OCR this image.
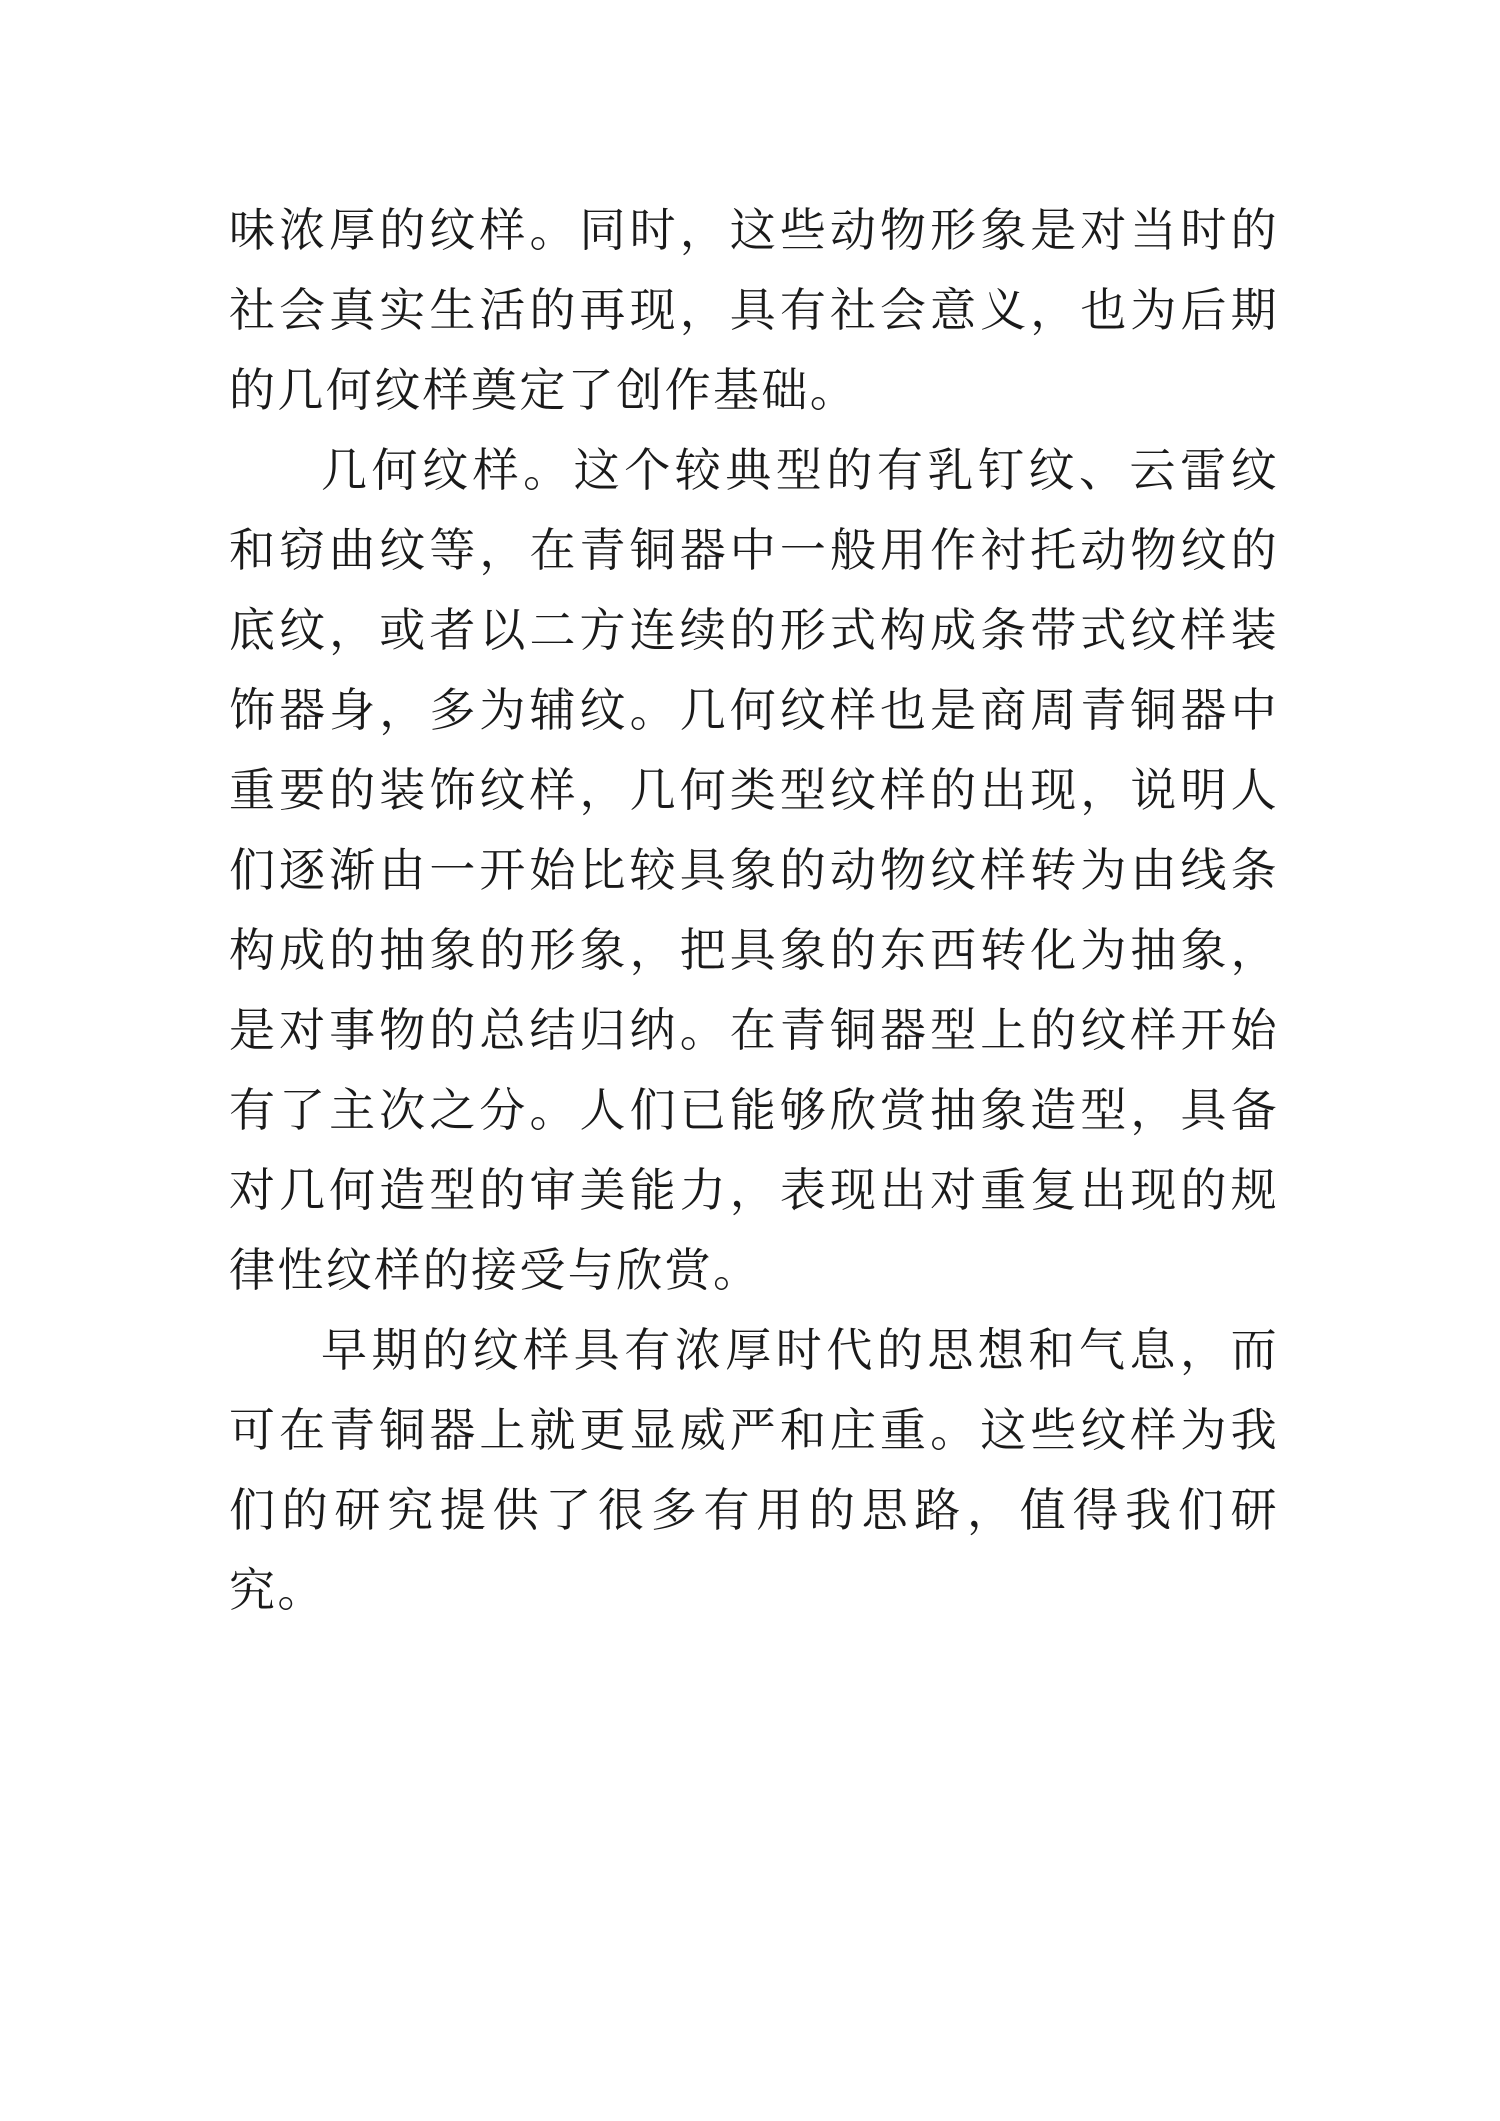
味浓厚的纹样。同时，这些动物形象是对当时的社会真实生活的再现，具有社会意义，也为后期的几何纹样奠定了创作基础。

几何纹样。这个较典型的有乳钉纹、云雷纹和窃曲纹等，在青铜器中一般用作衬托动物纹的底纹，或者以二方连续的形式构成条带式纹样装饰器身，多为辅纹。几何纹样也是商周青铜器中重要的装饰纹样，几何类型纹样的出现，说明人们逐渐由一开始比较具象的动物纹样转为由线条构成的抽象的形象，把具象的东西转化为抽象，是对事物的总结归纳。在青铜器型上的纹样开始有了主次之分。人们已能够欣赏抽象造型，具备对几何造型的审美能力，表现出对重复出现的规律性纹样的接受与欣赏。

早期的纹样具有浓厚时代的思想和气息，而可在青铜器上就更显威严和庄重。这些纹样为我们的研究提供了很多有用的思路，值得我们研究。
